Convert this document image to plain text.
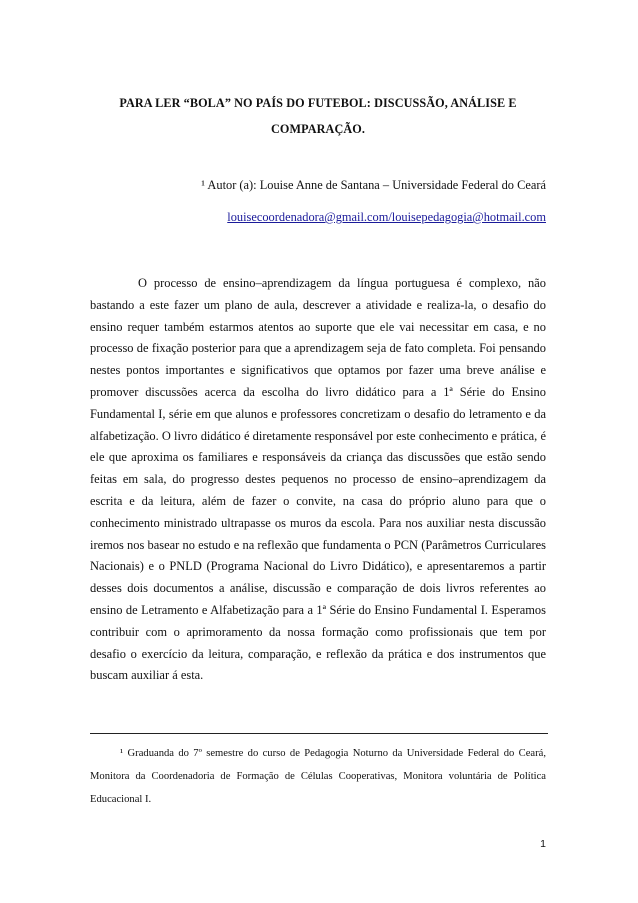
PARA LER “BOLA” NO PAÍS DO FUTEBOL: DISCUSSÃO, ANÁLISE E COMPARAÇÃO.
¹ Autor (a): Louise Anne de Santana – Universidade Federal do Ceará
louisecoordenadora@gmail.com/louisepedagogia@hotmail.com

O processo de ensino–aprendizagem da língua portuguesa é complexo, não bastando a este fazer um plano de aula, descrever a atividade e realiza-la, o desafio do ensino requer também estarmos atentos ao suporte que ele vai necessitar em casa, e no processo de fixação posterior para que a aprendizagem seja de fato completa. Foi pensando nestes pontos importantes e significativos que optamos por fazer uma breve análise e promover discussões acerca da escolha do livro didático para a 1ª Série do Ensino Fundamental I, série em que alunos e professores concretizam o desafio do letramento e da alfabetização. O livro didático é diretamente responsável por este conhecimento e prática, é ele que aproxima os familiares e responsáveis da criança das discussões que estão sendo feitas em sala, do progresso destes pequenos no processo de ensino–aprendizagem da escrita e da leitura, além de fazer o convite, na casa do próprio aluno para que o conhecimento ministrado ultrapasse os muros da escola. Para nos auxiliar nesta discussão iremos nos basear no estudo e na reflexão que fundamenta o PCN (Parâmetros Curriculares Nacionais) e o PNLD (Programa Nacional do Livro Didático), e apresentaremos a partir desses dois documentos a análise, discussão e comparação de dois livros referentes ao ensino de Letramento e Alfabetização para a 1ª Série do Ensino Fundamental I. Esperamos contribuir com o aprimoramento da nossa formação como profissionais que tem por desafio o exercício da leitura, comparação, e reflexão da prática e dos instrumentos que buscam auxiliar á esta.

¹ Graduanda do 7º semestre do curso de Pedagogia Noturno da Universidade Federal do Ceará, Monitora da Coordenadoria de Formação de Células Cooperativas, Monitora voluntária de Política Educacional I.

1
